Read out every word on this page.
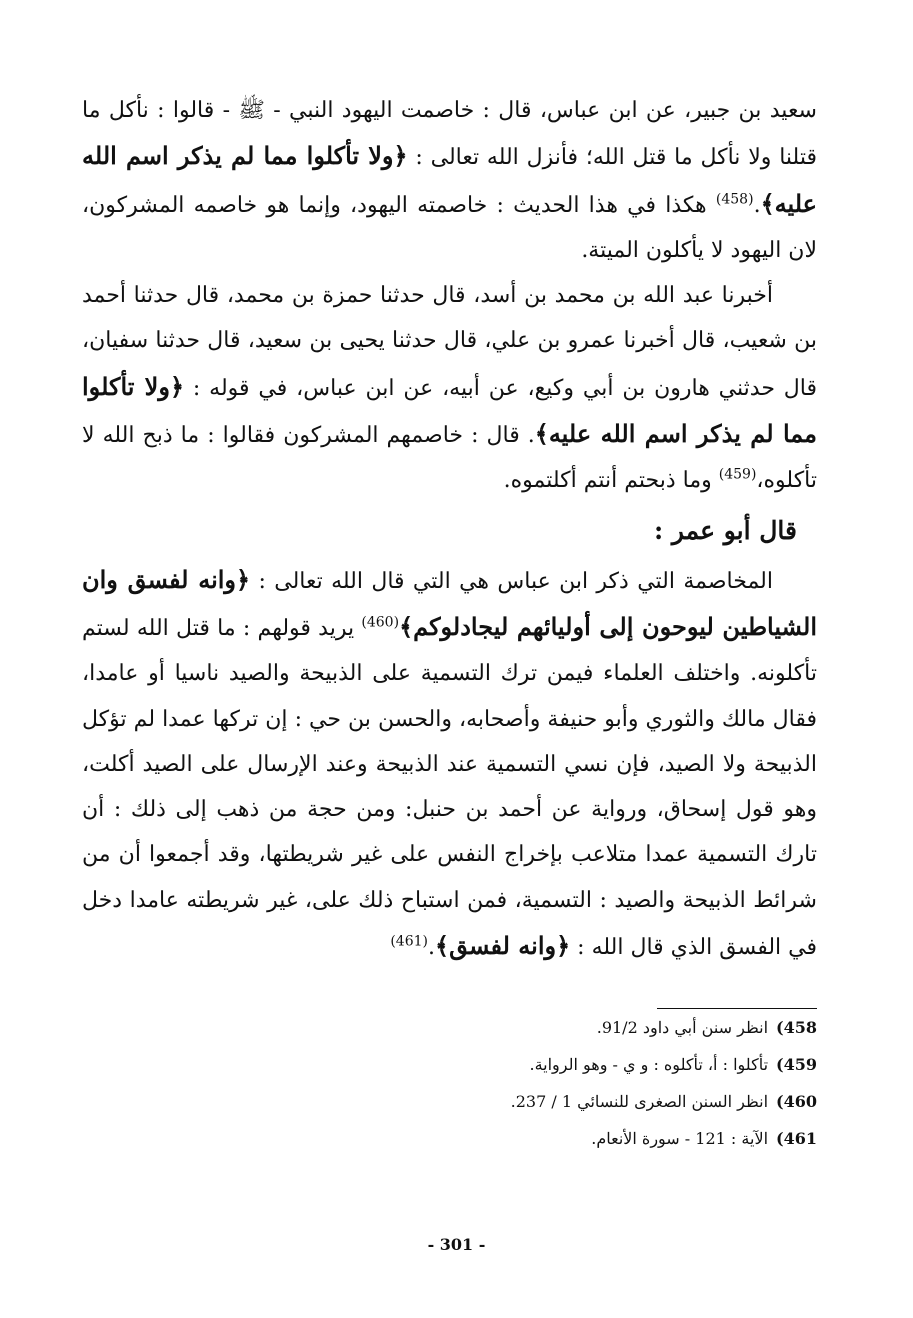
سعيد بن جبير، عن ابن عباس، قال : خاصمت اليهود النبي - ﷺ - قالوا : نأكل ما قتلنا ولا نأكل ما قتل الله؛ فأنزل الله تعالى : ﴿ولا تأكلوا مما لم يذكر اسم الله عليه﴾.$^{(458)}$ هكذا في هذا الحديث : خاصمته اليهود، وإنما هو خاصمه المشركون، لان اليهود لا يأكلون الميتة.

أخبرنا عبد الله بن محمد بن أسد، قال حدثنا حمزة بن محمد، قال حدثنا أحمد بن شعيب، قال أخبرنا عمرو بن علي، قال حدثنا يحيى بن سعيد، قال حدثنا سفيان، قال حدثني هارون بن أبي وكيع، عن أبيه، عن ابن عباس، في قوله : ﴿ولا تأكلوا مما لم يذكر اسم الله عليه﴾. قال : خاصمهم المشركون فقالوا : ما ذبح الله لا تأكلوه،$^{(459)}$ وما ذبحتم أنتم أكلتموه.

قال أبو عمر :

المخاصمة التي ذكر ابن عباس هي التي قال الله تعالى : ﴿وانه لفسق وان الشياطين ليوحون إلى أوليائهم ليجادلوكم﴾$^{(460)}$ يريد قولهم : ما قتل الله لستم تأكلونه. واختلف العلماء فيمن ترك التسمية على الذبيحة والصيد ناسيا أو عامدا، فقال مالك والثوري وأبو حنيفة وأصحابه، والحسن بن حي : إن تركها عمدا لم تؤكل الذبيحة ولا الصيد، فإن نسي التسمية عند الذبيحة وعند الإرسال على الصيد أكلت، وهو قول إسحاق، ورواية عن أحمد بن حنبل: ومن حجة من ذهب إلى ذلك : أن تارك التسمية عمدا متلاعب بإخراج النفس على غير شريطتها، وقد أجمعوا أن من شرائط الذبيحة والصيد : التسمية، فمن استباح ذلك على، غير شريطته عامدا دخل في الفسق الذي قال الله : ﴿وانه لفسق﴾.$^{(461)}$

458)
انظر سنن أبي داود 91/2.

459)
تأكلوا : أ، تأكلوه : و ي - وهو الرواية.

460)
انظر السنن الصغرى للنسائي 1 / 237.

461)
الآية : 121 - سورة الأنعام.

- 301 -
